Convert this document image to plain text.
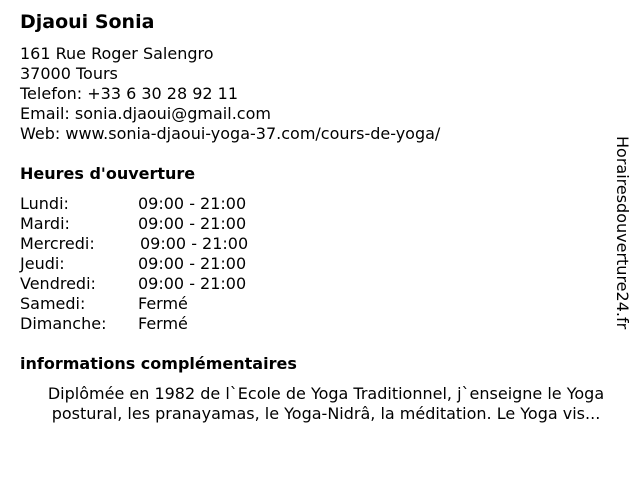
Djaoui Sonia
161 Rue Roger Salengro
37000 Tours
Telefon: +33 6 30 28 92 11
Email: sonia.djaoui@gmail.com
Web: www.sonia-djaoui-yoga-37.com/cours-de-yoga/
Heures d'ouverture
Lundi:	09:00 - 21:00
Mardi:	09:00 - 21:00
Mercredi:	09:00 - 21:00
Jeudi:	09:00 - 21:00
Vendredi:	09:00 - 21:00
Samedi:	Fermé
Dimanche: Fermé
informations complémentaires
Diplômée en 1982 de l`Ecole de Yoga Traditionnel, j`enseigne le Yoga
postural, les pranayamas, le Yoga-Nidrâ, la méditation. Le Yoga vis...
Horairesdouverture24.fr
